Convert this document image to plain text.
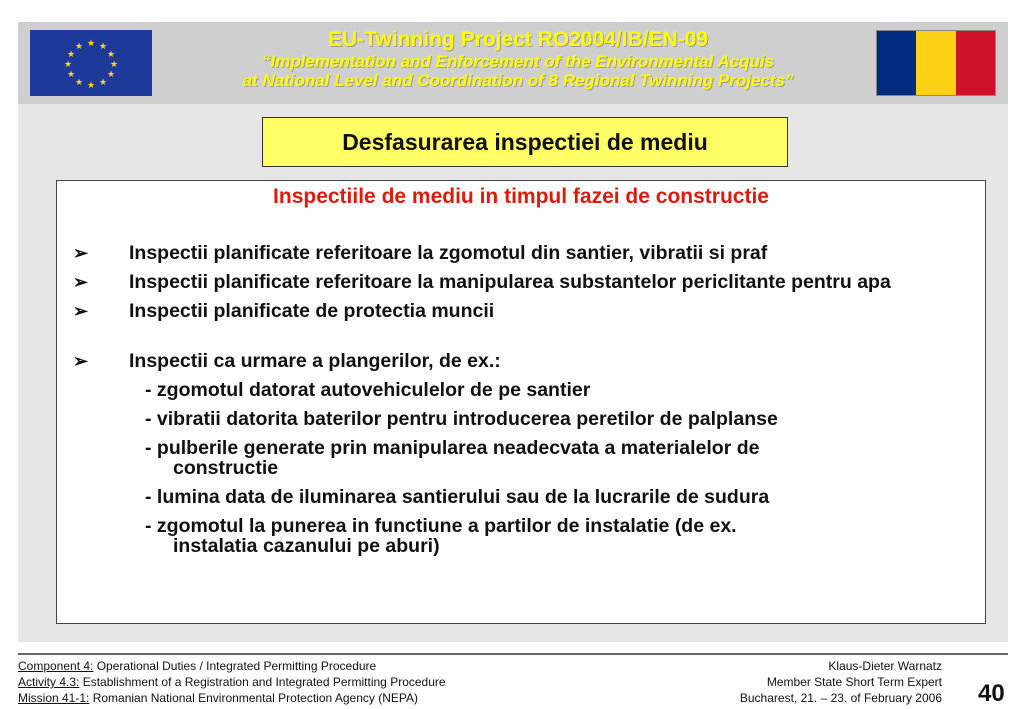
★ ★
★
★
★
★
★
★
★
★
★
★	EU-Twinning Project RO2004/IB/EN-09
“Implementation and Enforcement of the Environmental Acquis
at National Level and Coordination of 8 Regional Twinning Projects”
Desfasurarea inspectiei de mediu
Inspectiile de mediu in timpul fazei de constructie
➢	Inspectii planificate referitoare la zgomotul din santier, vibratii si praf
➢	Inspectii planificate referitoare la manipularea substantelor periclitante pentru apa
➢	Inspectii planificate de protectia muncii
➢	Inspectii ca urmare a plangerilor, de ex.:
- zgomotul datorat autovehiculelor de pe santier
- vibratii datorita baterilor pentru introducerea peretilor de palplanse
- pulberile generate prin manipularea neadecvata a materialelor de
constructie
- lumina data de iluminarea santierului sau de la lucrarile de sudura
- zgomotul la punerea in functiune a partilor de instalatie (de ex.
instalatia cazanului pe aburi)
Component 4: Operational Duties / Integrated Permitting Procedure
Activity 4.3: Establishment of a Registration and Integrated Permitting Procedure
Mission 41-1: Romanian National Environmental Protection Agency (NEPA)
Klaus-Dieter Warnatz
Member State Short Term Expert
Bucharest, 21. – 23. of February 2006 40
